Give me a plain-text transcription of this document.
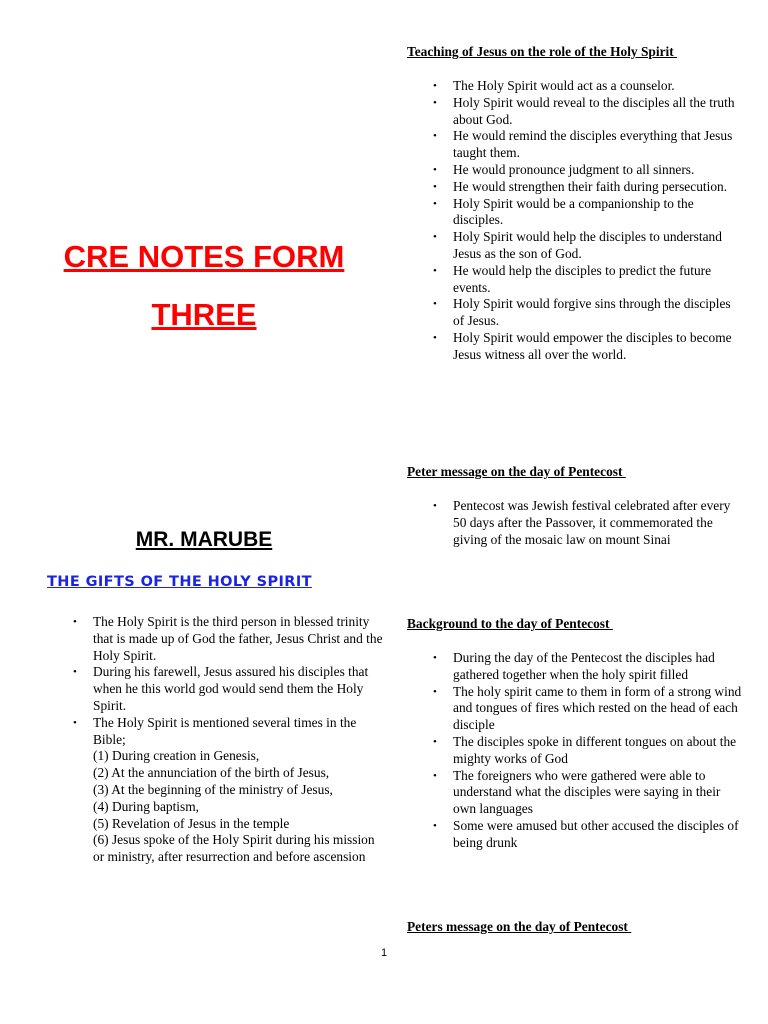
CRE NOTES FORM
THREE
MR. MARUBE
THE GIFTS OF THE HOLY SPIRIT
• The Holy Spirit is the third person in blessed trinity that is made up of God the father, Jesus Christ and the Holy Spirit.
• During his farewell, Jesus assured his disciples that when he this world god would send them the Holy Spirit.
• The Holy Spirit is mentioned several times in the Bible;
(1) During creation in Genesis,
(2) At the annunciation of the birth of Jesus,
(3) At the beginning of the ministry of Jesus,
(4) During baptism,
(5) Revelation of Jesus in the temple
(6) Jesus spoke of the Holy Spirit during his mission or ministry, after resurrection and before ascension
Teaching of Jesus on the role of the Holy Spirit
• The Holy Spirit would act as a counselor.
• Holy Spirit would reveal to the disciples all the truth about God.
• He would remind the disciples everything that Jesus taught them.
• He would pronounce judgment to all sinners.
• He would strengthen their faith during persecution.
• Holy Spirit would be a companionship to the disciples.
• Holy Spirit would help the disciples to understand Jesus as the son of God.
• He would help the disciples to predict the future events.
• Holy Spirit would forgive sins through the disciples of Jesus.
• Holy Spirit would empower the disciples to become Jesus witness all over the world.
Peter message on the day of Pentecost
• Pentecost was Jewish festival celebrated after every 50 days after the Passover, it commemorated the giving of the mosaic law on mount Sinai
Background to the day of Pentecost
• During the day of the Pentecost the disciples had gathered together when the holy spirit filled
• The holy spirit came to them in form of a strong wind and tongues of fires which rested on the head of each disciple
• The disciples spoke in different tongues on about the mighty works of God
• The foreigners who were gathered were able to understand what the disciples were saying in their own languages
• Some were amused but other accused the disciples of being drunk
Peters message on the day of Pentecost

1
